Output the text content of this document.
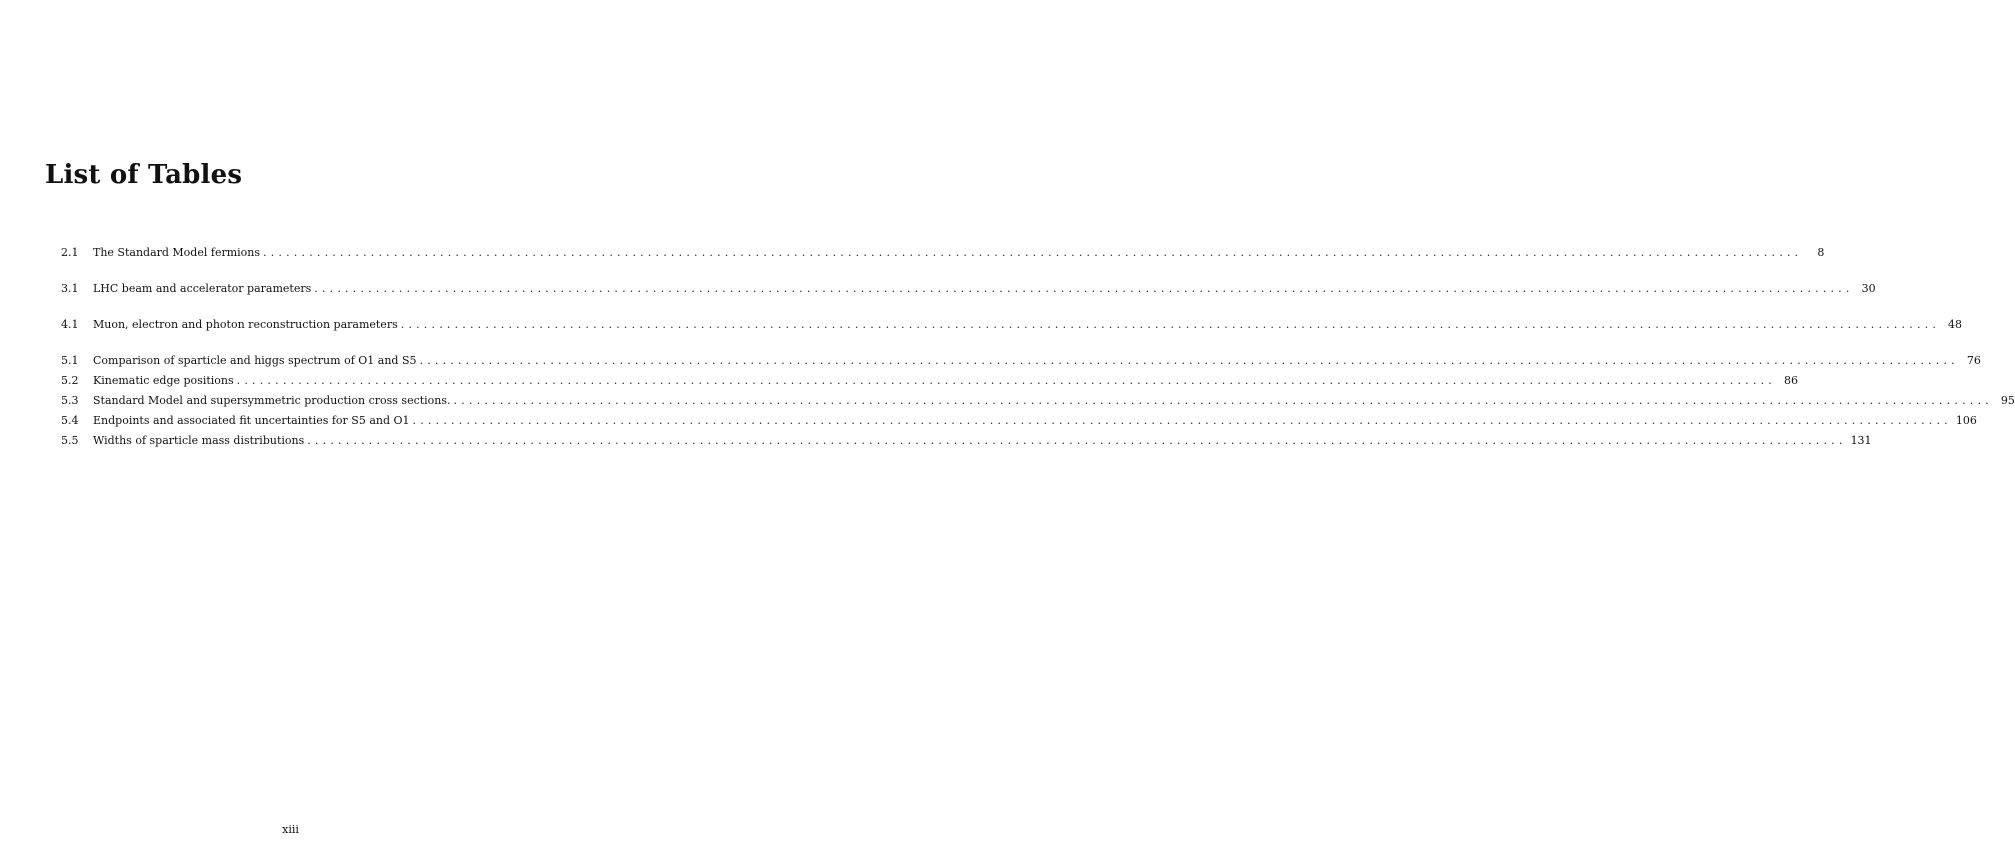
List of Tables
2.1	The Standard Model fermions ........................................................................................................................................................................................................	8
3.1	LHC beam and accelerator parameters ........................................................................................................................................................................................................ 30
4.1	Muon, electron and photon reconstruction parameters ........................................................................................................................................................................................................ 48
5.1	Comparison of sparticle and higgs spectrum of O1 and S5 ........................................................................................................................................................................................................ 76
5.2	Kinematic edge positions ........................................................................................................................................................................................................ 86
5.3	Standard Model and supersymmetric production cross sections. ........................................................................................................................................................................................................ 95
5.4	Endpoints and associated fit uncertainties for S5 and O1 ........................................................................................................................................................................................................ 106
5.5	Widths of sparticle mass distributions ........................................................................................................................................................................................................ 131
xiii
